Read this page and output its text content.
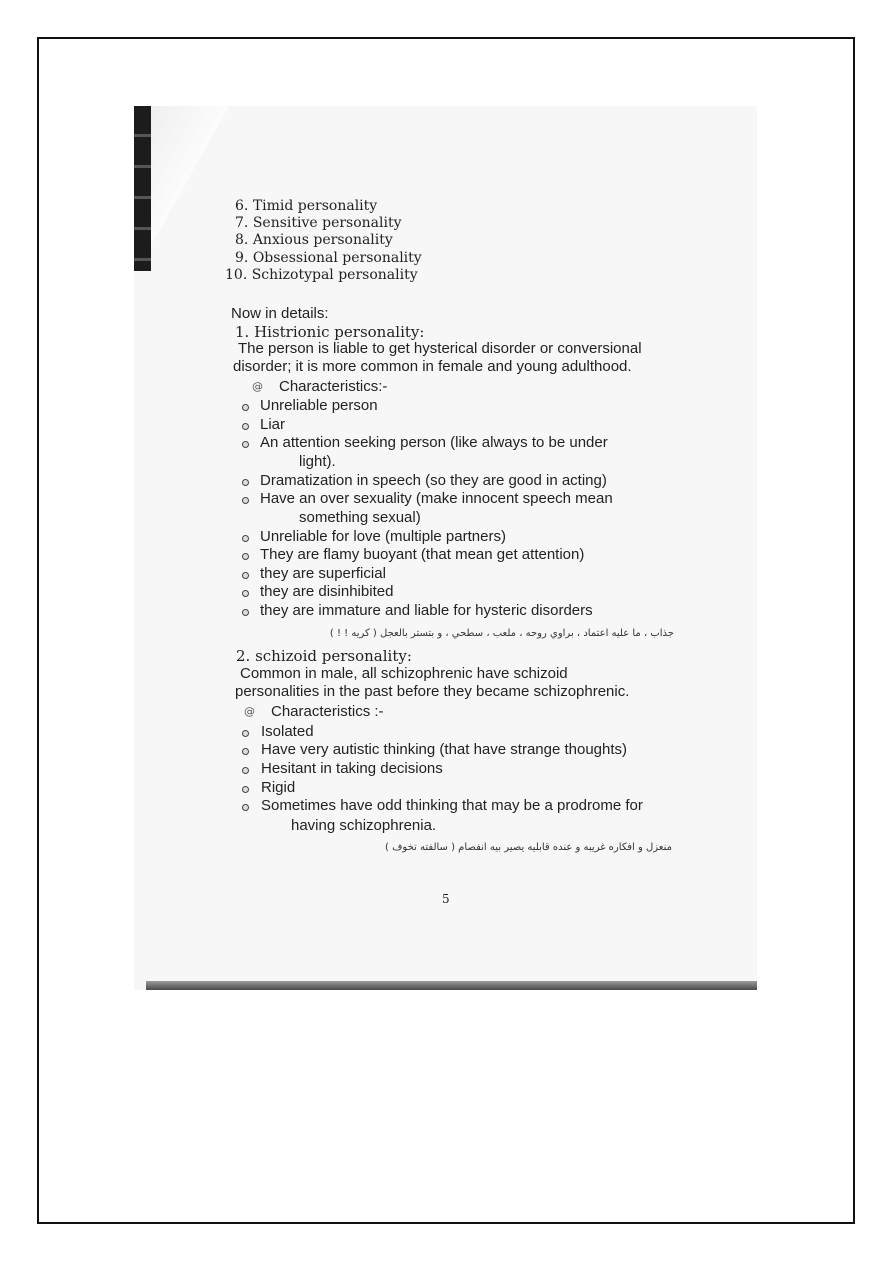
6. Timid personality
7. Sensitive personality
8. Anxious personality
9. Obsessional personality
10. Schizotypal personality
Now in details:
1. Histrionic personality:
The person is liable to get hysterical disorder or conversional
disorder; it is more common in female and young adulthood.
@ Characteristics:-
Unreliable person
Liar
An attention seeking person (like always to be under
light).
Dramatization in speech (so they are good in acting)
Have an over sexuality (make innocent speech mean
something sexual)
Unreliable for love (multiple partners)
They are flamy buoyant (that mean get attention)
they are superficial
they are disinhibited
they are immature and liable for hysteric disorders
جذاب ، ما عليه اعتماد ، براوي روحه ، ملعب ، سطحي ، و بتستر بالعجل ( كريه ! ! )
2. schizoid personality:
Common in male, all schizophrenic have schizoid
personalities in the past before they became schizophrenic.
@ Characteristics :-
Isolated
Have very autistic thinking (that have strange thoughts)
Hesitant in taking decisions
Rigid
Sometimes have odd thinking that may be a prodrome for
having schizophrenia.
منعزل و افكاره غريبه و عنده قابليه يصير بيه انفصام ( سالفته تخوف )
5
